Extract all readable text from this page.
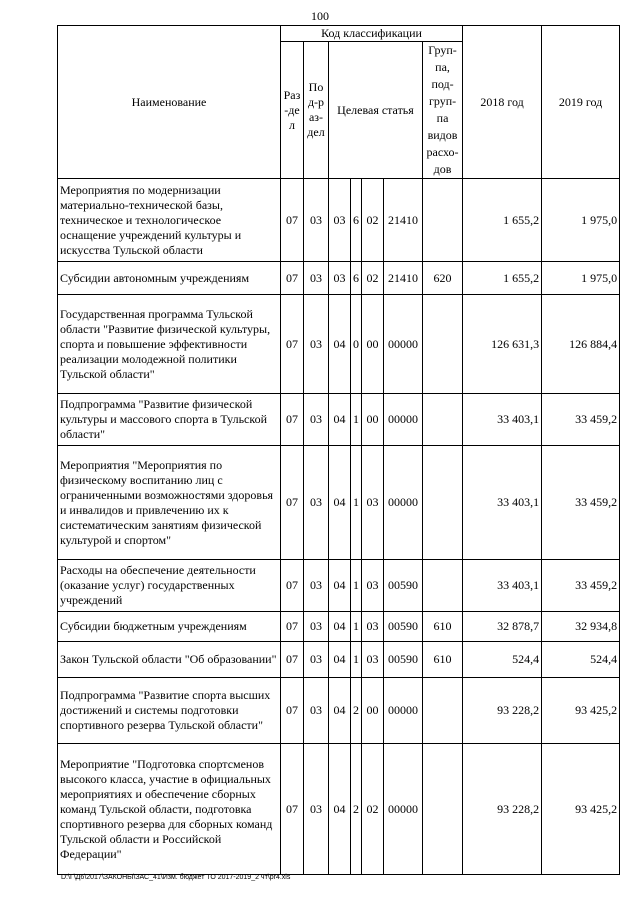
100
Наименование	Код классификации							2018 год	2019 год
	Раз-дел	Под-раз-дел	Целевая статья				Груп-па, под-груп-па видов расхо-дов		
Мероприятия по модернизации материально-технической базы, техническое и технологическое оснащение учреждений культуры и искусства Тульской области	07	03	03	6	02	21410		1 655,2	1 975,0
Субсидии автономным учреждениям	07	03	03	6	02	21410	620	1 655,2	1 975,0
Государственная программа Тульской области "Развитие физической культуры, спорта и повышение эффективности реализации молодежной политики Тульской области"	07	03	04	0	00	00000		126 631,3	126 884,4
Подпрограмма "Развитие физической культуры и массового спорта в Тульской области"	07	03	04	1	00	00000		33 403,1	33 459,2
Мероприятия "Мероприятия по физическому воспитанию лиц с ограниченными возможностями здоровья и инвалидов и привлечению их к систематическим занятиям физической культурой и спортом"	07	03	04	1	03	00000		33 403,1	33 459,2
Расходы на обеспечение деятельности (оказание услуг) государственных учреждений	07	03	04	1	03	00590		33 403,1	33 459,2
Субсидии бюджетным учреждениям	07	03	04	1	03	00590	610	32 878,7	32 934,8
Закон Тульской области "Об образовании"	07	03	04	1	03	00590	610	524,4	524,4
Подпрограмма "Развитие спорта высших достижений и системы подготовки спортивного резерва Тульской области"	07	03	04	2	00	00000		93 228,2	93 425,2
Мероприятие "Подготовка спортсменов высокого класса, участие в официальных мероприятиях и обеспечение сборных команд Тульской области, подготовка спортивного резерва для сборных команд Тульской области и Российской Федерации"	07	03	04	2	02	00000		93 228,2	93 425,2
D:\Г\Д6\2017\ЗАКОНЫ\ЗАС_41\Изм. бюджет ТО 2017-2019_2 чт\pr4.xls
